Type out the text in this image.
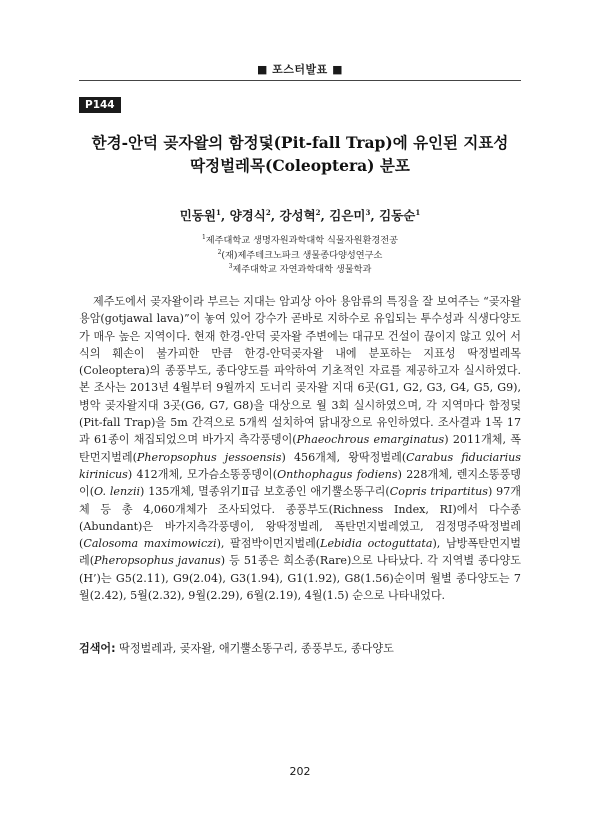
■ 포스터발표 ■
P144
한경-안덕 곶자왈의 함정덫(Pit-fall Trap)에 유인된 지표성
딱정벌레목(Coleoptera) 분포
민동원$^1$, 양경식$^2$, 강성혁$^2$, 김은미$^3$, 김동순$^1$
$^1$제주대학교 생명자원과학대학 식물자원환경전공
$^2$(재)제주테크노파크 생물종다양성연구소
$^3$제주대학교 자연과학대학 생물학과

제주도에서 곶자왈이라 부르는 지대는 암괴상 아아 용암류의 특징을 잘 보여주는 “곶자왈 용암(gotjawal lava)”이 놓여 있어 강수가 곧바로 지하수로 유입되는 투수성과 식생다양도가 매우 높은 지역이다. 현재 한경-안덕 곶자왈 주변에는 대규모 건설이 끊이지 않고 있어 서식의 훼손이 불가피한 만큼 한경-안덕곶자왈 내에 분포하는 지표성 딱정벌레목(Coleoptera)의 종풍부도, 종다양도를 파악하여 기초적인 자료를 제공하고자 실시하였다. 본 조사는 2013년 4월부터 9월까지 도너리 곶자왈 지대 6곳(G1, G2, G3, G4, G5, G9), 병악 곶자왈지대 3곳(G6, G7, G8)을 대상으로 월 3회 실시하였으며, 각 지역마다 함정덫(Pit-fall Trap)을 5m 간격으로 5개씩 설치하여 닭내장으로 유인하였다. 조사결과 1목 17과 61종이 채집되었으며 바가지 측각풍뎅이(Phaeochrous emarginatus) 2011개체, 폭탄먼지벌레(Pheropsophus jessoensis) 456개체, 왕딱정벌레(Carabus fiduciarius kirinicus) 412개체, 모가슴소똥풍뎅이(Onthophagus fodiens) 228개체, 렌지소똥풍뎅이(O. lenzii) 135개체, 멸종위기Ⅱ급 보호종인 애기뿔소똥구리(Copris tripartitus) 97개체 등 총 4,060개체가 조사되었다. 종풍부도(Richness Index, RI)에서 다수종(Abundant)은 바가지측각풍뎅이, 왕딱정벌레, 폭탄먼지벌레였고, 검정명주딱정벌레(Calosoma maximowiczi), 팔점박이먼지벌레(Lebidia octoguttata), 남방폭탄먼지벌레(Pheropsophus javanus) 등 51종은 희소종(Rare)으로 나타났다. 각 지역별 종다양도(H’)는 G5(2.11), G9(2.04), G3(1.94), G1(1.92), G8(1.56)순이며 월별 종다양도는 7월(2.42), 5월(2.32), 9월(2.29), 6월(2.19), 4월(1.5) 순으로 나타내었다.

검색어: 딱정벌레과, 곶자왈, 애기뿔소똥구리, 종풍부도, 종다양도
202
